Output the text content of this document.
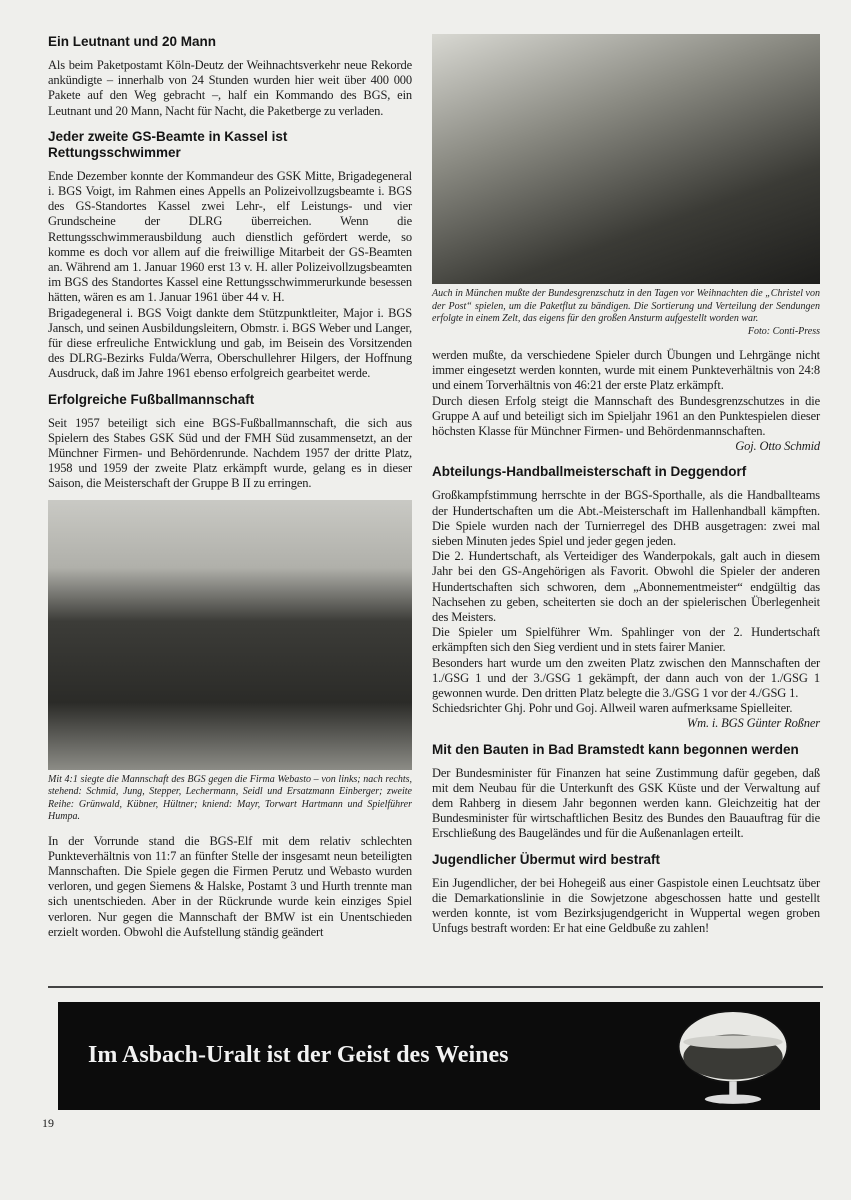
Ein Leutnant und 20 Mann

Als beim Paketpostamt Köln-Deutz der Weihnachtsverkehr neue Rekorde ankündigte – innerhalb von 24 Stunden wurden hier weit über 400 000 Pakete auf den Weg gebracht –, half ein Kommando des BGS, ein Leutnant und 20 Mann, Nacht für Nacht, die Paketberge zu verladen.

Jeder zweite GS-Beamte in Kassel ist Rettungsschwimmer

Ende Dezember konnte der Kommandeur des GSK Mitte, Brigadegeneral i. BGS Voigt, im Rahmen eines Appells an Polizeivollzugsbeamte i. BGS des GS-Standortes Kassel zwei Lehr-, elf Leistungs- und vier Grundscheine der DLRG überreichen. Wenn die Rettungsschwimmerausbildung auch dienstlich gefördert werde, so komme es doch vor allem auf die freiwillige Mitarbeit der GS-Beamten an. Während am 1. Januar 1960 erst 13 v. H. aller Polizeivollzugsbeamten im BGS des Standortes Kassel eine Rettungsschwimmerurkunde besessen hätten, wären es am 1. Januar 1961 über 44 v. H.

Brigadegeneral i. BGS Voigt dankte dem Stützpunktleiter, Major i. BGS Jansch, und seinen Ausbildungsleitern, Obmstr. i. BGS Weber und Langer, für diese erfreuliche Entwicklung und gab, im Beisein des Vorsitzenden des DLRG-Bezirks Fulda/Werra, Oberschullehrer Hilgers, der Hoffnung Ausdruck, daß im Jahre 1961 ebenso erfolgreich gearbeitet werde.

Erfolgreiche Fußballmannschaft

Seit 1957 beteiligt sich eine BGS-Fußballmannschaft, die sich aus Spielern des Stabes GSK Süd und der FMH Süd zusammensetzt, an der Münchner Firmen- und Behördenrunde. Nachdem 1957 der dritte Platz, 1958 und 1959 der zweite Platz erkämpft wurde, gelang es in dieser Saison, die Meisterschaft der Gruppe B II zu erringen.

Mit 4:1 siegte die Mannschaft des BGS gegen die Firma Webasto – von links; nach rechts, stehend: Schmid, Jung, Stepper, Lechermann, Seidl und Ersatzmann Einberger; zweite Reihe: Grünwald, Kübner, Hültner; kniend: Mayr, Torwart Hartmann und Spielführer Humpa.

In der Vorrunde stand die BGS-Elf mit dem relativ schlechten Punkteverhältnis von 11:7 an fünfter Stelle der insgesamt neun beteiligten Mannschaften. Die Spiele gegen die Firmen Perutz und Webasto wurden verloren, und gegen Siemens & Halske, Postamt 3 und Hurth trennte man sich unentschieden. Aber in der Rückrunde wurde kein einziges Spiel verloren. Nur gegen die Mannschaft der BMW ist ein Unentschieden erzielt worden. Obwohl die Aufstellung ständig geändert

Auch in München mußte der Bundesgrenzschutz in den Tagen vor Weihnachten die „Christel von der Post“ spielen, um die Paketflut zu bändigen. Die Sortierung und Verteilung der Sendungen erfolgte in einem Zelt, das eigens für den großen Ansturm aufgestellt worden war.
Foto: Conti-Press

werden mußte, da verschiedene Spieler durch Übungen und Lehrgänge nicht immer eingesetzt werden konnten, wurde mit einem Punkteverhältnis von 24:8 und einem Torverhältnis von 46:21 der erste Platz erkämpft.

Durch diesen Erfolg steigt die Mannschaft des Bundesgrenzschutzes in die Gruppe A auf und beteiligt sich im Spieljahr 1961 an den Punktespielen dieser höchsten Klasse für Münchner Firmen- und Behördenmannschaften.

Goj. Otto Schmid

Abteilungs-Handballmeisterschaft in Deggendorf

Großkampfstimmung herrschte in der BGS-Sporthalle, als die Handballteams der Hundertschaften um die Abt.-Meisterschaft im Hallenhandball kämpften. Die Spiele wurden nach der Turnierregel des DHB ausgetragen: zwei mal sieben Minuten jedes Spiel und jeder gegen jeden.

Die 2. Hundertschaft, als Verteidiger des Wanderpokals, galt auch in diesem Jahr bei den GS-Angehörigen als Favorit. Obwohl die Spieler der anderen Hundertschaften sich schworen, dem „Abonnementmeister“ endgültig das Nachsehen zu geben, scheiterten sie doch an der spielerischen Überlegenheit des Meisters.

Die Spieler um Spielführer Wm. Spahlinger von der 2. Hundertschaft erkämpften sich den Sieg verdient und in stets fairer Manier.

Besonders hart wurde um den zweiten Platz zwischen den Mannschaften der 1./GSG 1 und der 3./GSG 1 gekämpft, der dann auch von der 1./GSG 1 gewonnen wurde. Den dritten Platz belegte die 3./GSG 1 vor der 4./GSG 1.

Schiedsrichter Ghj. Pohr und Goj. Allweil waren aufmerksame Spielleiter.

Wm. i. BGS Günter Roßner

Mit den Bauten in Bad Bramstedt kann begonnen werden

Der Bundesminister für Finanzen hat seine Zustimmung dafür gegeben, daß mit dem Neubau für die Unterkunft des GSK Küste und der Verwaltung auf dem Rahberg in diesem Jahr begonnen werden kann. Gleichzeitig hat der Bundesminister für wirtschaftlichen Besitz des Bundes den Bauauftrag für die Erschließung des Baugeländes und für die Außenanlagen erteilt.

Jugendlicher Übermut wird bestraft

Ein Jugendlicher, der bei Hohegeiß aus einer Gaspistole einen Leuchtsatz über die Demarkationslinie in die Sowjetzone abgeschossen hatte und gestellt werden konnte, ist vom Bezirksjugendgericht in Wuppertal wegen groben Unfugs bestraft worden: Er hat eine Geldbuße zu zahlen!

Im Asbach-Uralt ist der Geist des Weines
19
